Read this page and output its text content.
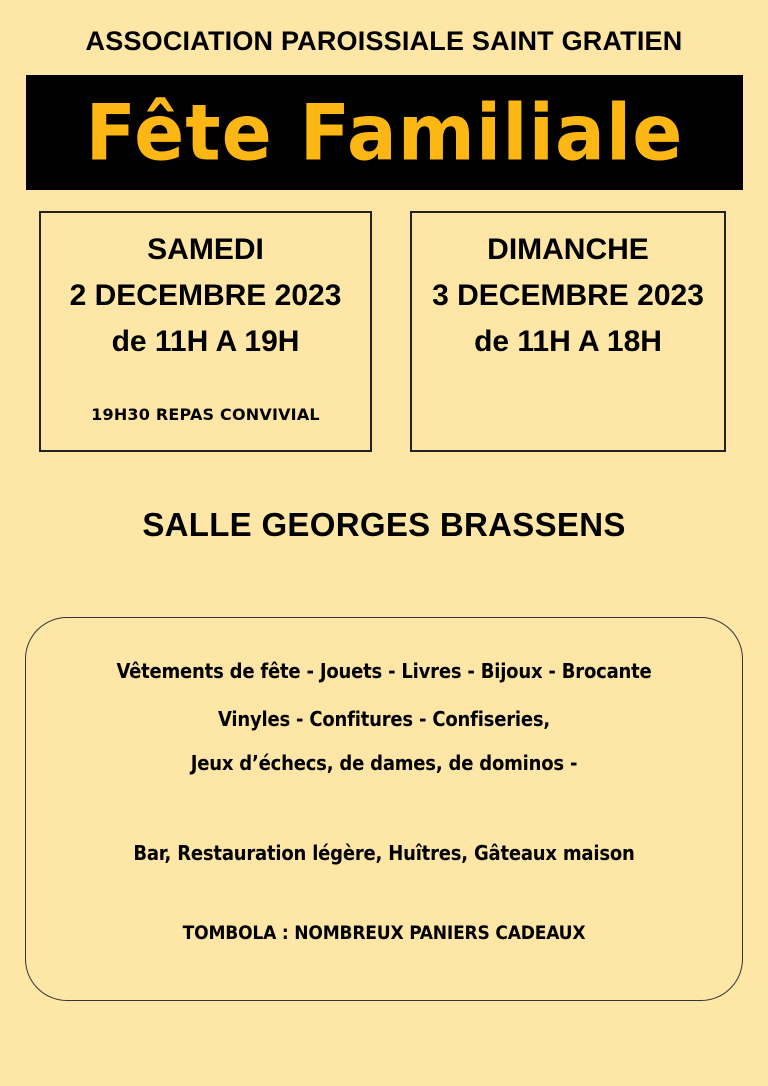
ASSOCIATION PAROISSIALE SAINT GRATIEN
Fête Familiale
SAMEDI
2 DECEMBRE 2023
de 11H A 19H
19H30 REPAS CONVIVIAL
DIMANCHE
3 DECEMBRE 2023
de 11H A 18H
SALLE GEORGES BRASSENS
Vêtements de fête - Jouets - Livres - Bijoux - Brocante
Vinyles - Confitures - Confiseries,
Jeux d’échecs, de dames, de dominos -
Bar, Restauration légère, Huîtres, Gâteaux maison
TOMBOLA : NOMBREUX PANIERS CADEAUX
